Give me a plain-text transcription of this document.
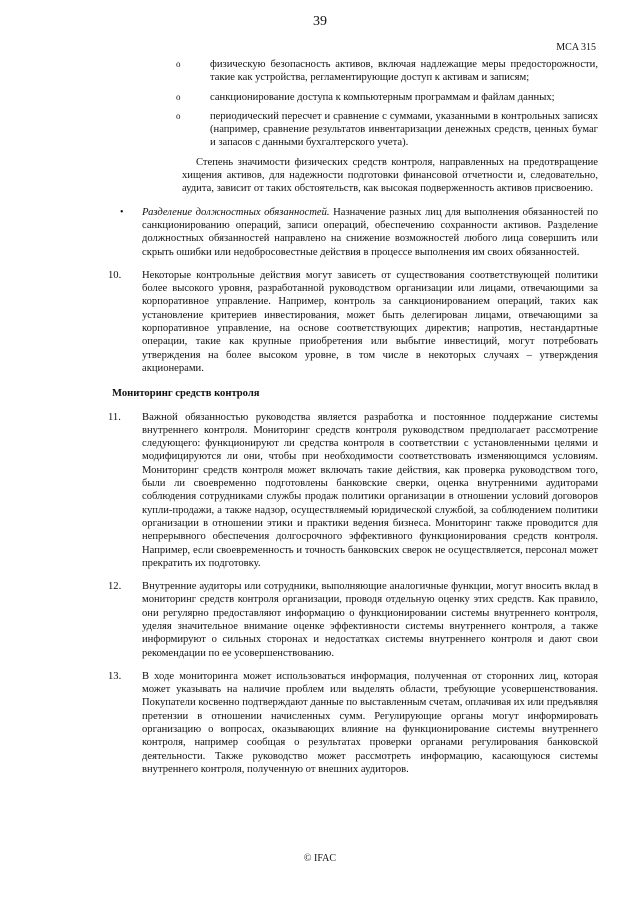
39
MCA 315
o	физическую безопасность активов, включая надлежащие меры предосторожности, такие как устройства, регламентирующие доступ к активам и записям;
o	санкционирование доступа к компьютерным программам и файлам данных;
o	периодический пересчет и сравнение с суммами, указанными в контрольных записях (например, сравнение результатов инвентаризации денежных средств, ценных бумаг и запасов с данными бухгалтерского учета).

Степень значимости физических средств контроля, направленных на предотвращение хищения активов, для надежности подготовки финансовой отчетности и, следовательно, аудита, зависит от таких обстоятельств, как высокая подверженность активов присвоению.

• Разделение должностных обязанностей. Назначение разных лиц для выполнения обязанностей по санкционированию операций, записи операций, обеспечению сохранности активов. Разделение должностных обязанностей направлено на снижение возможностей любого лица совершить или скрыть ошибки или недобросовестные действия в процессе выполнения им своих обязанностей.
10. Некоторые контрольные действия могут зависеть от существования соответствующей политики более высокого уровня, разработанной руководством организации или лицами, отвечающими за корпоративное управление. Например, контроль за санкционированием операций, таких как установление критериев инвестирования, может быть делегирован лицами, отвечающими за корпоративное управление, на основе соответствующих директив; напротив, нестандартные операции, такие как крупные приобретения или выбытие инвестиций, могут потребовать утверждения на более высоком уровне, в том числе в некоторых случаях – утверждения акционерами.
Мониторинг средств контроля
11. Важной обязанностью руководства является разработка и постоянное поддержание системы внутреннего контроля. Мониторинг средств контроля руководством предполагает рассмотрение следующего: функционируют ли средства контроля в соответствии с установленными целями и модифицируются ли они, чтобы при необходимости соответствовать изменяющимся условиям. Мониторинг средств контроля может включать такие действия, как проверка руководством того, были ли своевременно подготовлены банковские сверки, оценка внутренними аудиторами соблюдения сотрудниками службы продаж политики организации в отношении условий договоров купли-продажи, а также надзор, осуществляемый юридической службой, за соблюдением политики организации в отношении этики и практики ведения бизнеса. Мониторинг также проводится для непрерывного обеспечения долгосрочного эффективного функционирования средств контроля. Например, если своевременность и точность банковских сверок не осуществляется, персонал может прекратить их подготовку.
12. Внутренние аудиторы или сотрудники, выполняющие аналогичные функции, могут вносить вклад в мониторинг средств контроля организации, проводя отдельную оценку этих средств. Как правило, они регулярно предоставляют информацию о функционировании системы внутреннего контроля, уделяя значительное внимание оценке эффективности системы внутреннего контроля, а также информируют о сильных сторонах и недостатках системы внутреннего контроля и дают свои рекомендации по ее усовершенствованию.
13. В ходе мониторинга может использоваться информация, полученная от сторонних лиц, которая может указывать на наличие проблем или выделять области, требующие усовершенствования. Покупатели косвенно подтверждают данные по выставленным счетам, оплачивая их или предъявляя претензии в отношении начисленных сумм. Регулирующие органы могут информировать организацию о вопросах, оказывающих влияние на функционирование системы внутреннего контроля, например сообщая о результатах проверки органами регулирования банковской деятельности. Также руководство может рассмотреть информацию, касающуюся системы внутреннего контроля, полученную от внешних аудиторов.
© IFAC
